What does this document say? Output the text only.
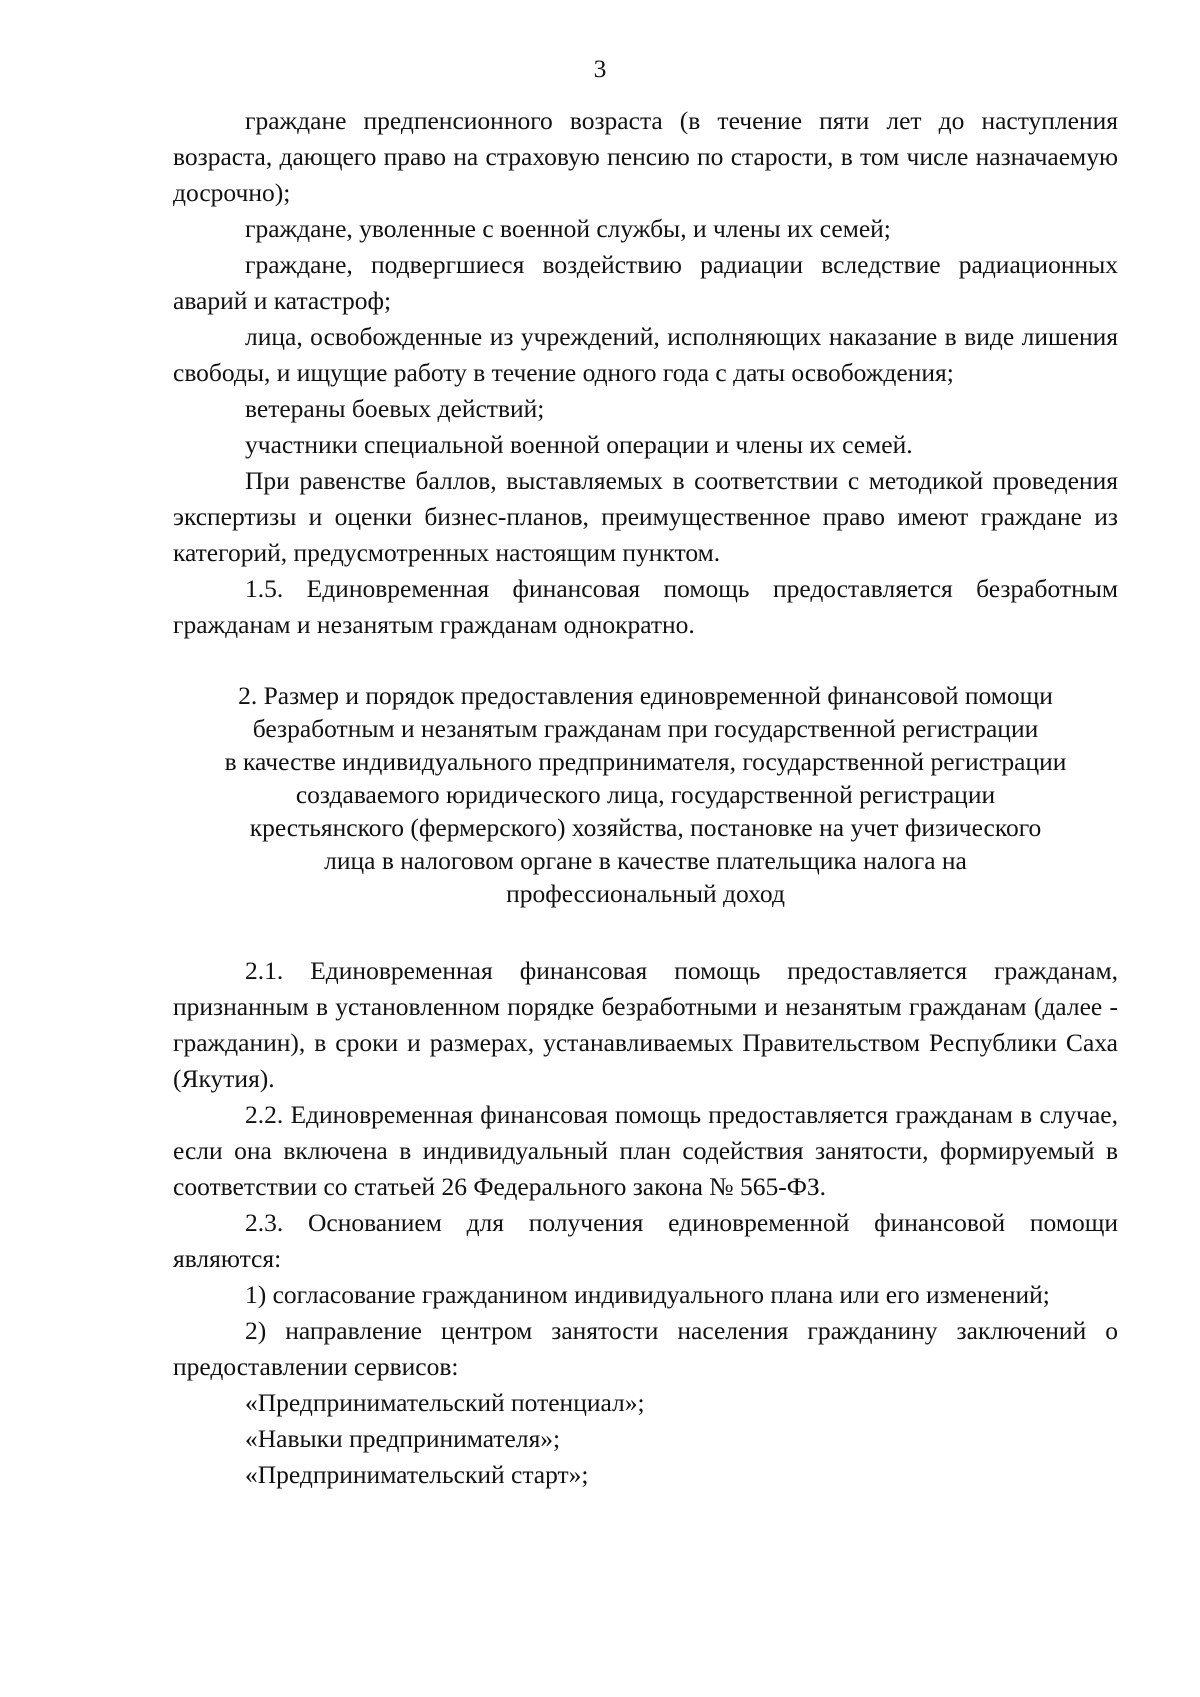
3

граждане предпенсионного возраста (в течение пяти лет до наступления возраста, дающего право на страховую пенсию по старости, в том числе назначаемую досрочно);

граждане, уволенные с военной службы, и члены их семей;

граждане, подвергшиеся воздействию радиации вследствие радиационных аварий и катастроф;

лица, освобожденные из учреждений, исполняющих наказание в виде лишения свободы, и ищущие работу в течение одного года с даты освобождения;

ветераны боевых действий;

участники специальной военной операции и члены их семей.

При равенстве баллов, выставляемых в соответствии с методикой проведения экспертизы и оценки бизнес-планов, преимущественное право имеют граждане из категорий, предусмотренных настоящим пунктом.

1.5. Единовременная финансовая помощь предоставляется безработным гражданам и незанятым гражданам однократно.

2. Размер и порядок предоставления единовременной финансовой помощи
безработным и незанятым гражданам при государственной регистрации
в качестве индивидуального предпринимателя, государственной регистрации
создаваемого юридического лица, государственной регистрации
крестьянского (фермерского) хозяйства, постановке на учет физического
лица в налоговом органе в качестве плательщика налога на
профессиональный доход

2.1. Единовременная финансовая помощь предоставляется гражданам, признанным в установленном порядке безработными и незанятым гражданам (далее - гражданин), в сроки и размерах, устанавливаемых Правительством Республики Саха (Якутия).

2.2. Единовременная финансовая помощь предоставляется гражданам в случае, если она включена в индивидуальный план содействия занятости, формируемый в соответствии со статьей 26 Федерального закона № 565-ФЗ.

2.3. Основанием для получения единовременной финансовой помощи являются:

1) согласование гражданином индивидуального плана или его изменений;

2) направление центром занятости населения гражданину заключений о предоставлении сервисов:

«Предпринимательский потенциал»;

«Навыки предпринимателя»;

«Предпринимательский старт»;
